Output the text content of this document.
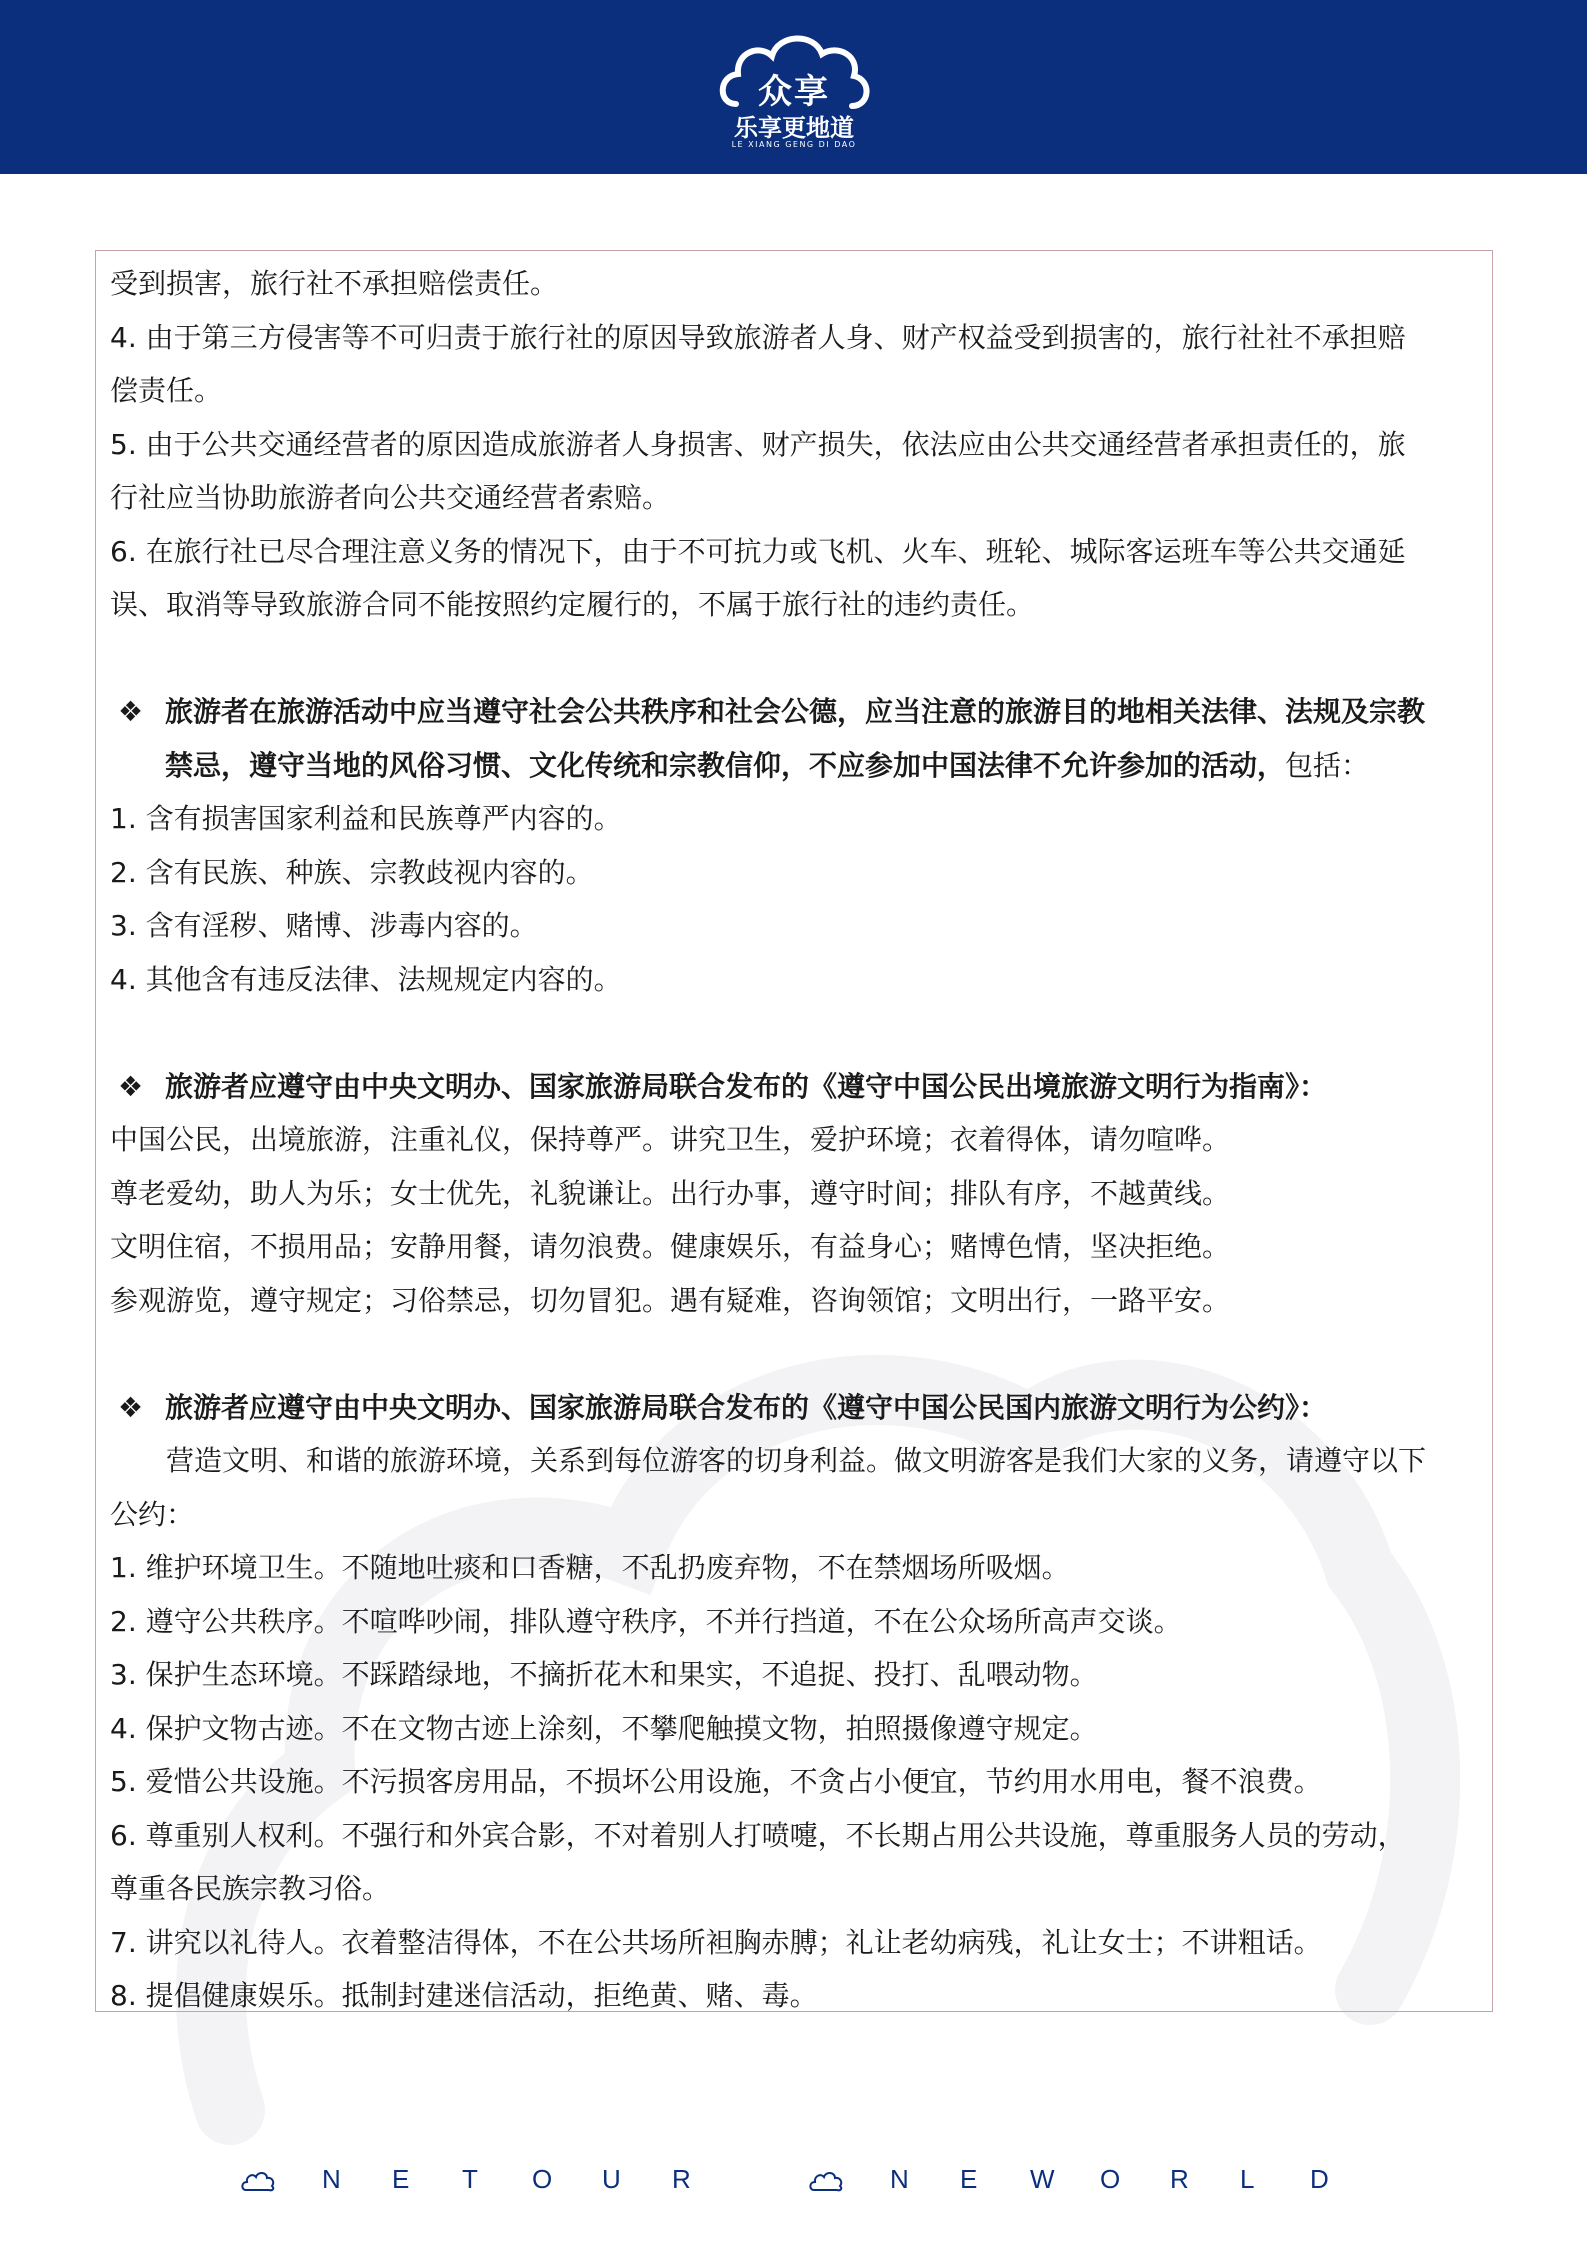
众享
乐享更地道
LE XIANG GENG DI DAO
受到损害，旅行社不承担赔偿责任。
4. 由于第三方侵害等不可归责于旅行社的原因导致旅游者人身、财产权益受到损害的，旅行社社不承担赔
偿责任。
5. 由于公共交通经营者的原因造成旅游者人身损害、财产损失，依法应由公共交通经营者承担责任的，旅
行社应当协助旅游者向公共交通经营者索赔。
6. 在旅行社已尽合理注意义务的情况下，由于不可抗力或飞机、火车、班轮、城际客运班车等公共交通延
误、取消等导致旅游合同不能按照约定履行的，不属于旅行社的违约责任。
❖ 旅游者在旅游活动中应当遵守社会公共秩序和社会公德，应当注意的旅游目的地相关法律、法规及宗教
禁忌，遵守当地的风俗习惯、文化传统和宗教信仰，不应参加中国法律不允许参加的活动，包括：
1. 含有损害国家利益和民族尊严内容的。
2. 含有民族、种族、宗教歧视内容的。
3. 含有淫秽、赌博、涉毒内容的。
4. 其他含有违反法律、法规规定内容的。
❖ 旅游者应遵守由中央文明办、国家旅游局联合发布的《遵守中国公民出境旅游文明行为指南》：
中国公民，出境旅游，注重礼仪，保持尊严。讲究卫生，爱护环境；衣着得体，请勿喧哗。
尊老爱幼，助人为乐；女士优先，礼貌谦让。出行办事，遵守时间；排队有序，不越黄线。
文明住宿，不损用品；安静用餐，请勿浪费。健康娱乐，有益身心；赌博色情，坚决拒绝。
参观游览，遵守规定；习俗禁忌，切勿冒犯。遇有疑难，咨询领馆；文明出行，一路平安。
❖ 旅游者应遵守由中央文明办、国家旅游局联合发布的《遵守中国公民国内旅游文明行为公约》：
营造文明、和谐的旅游环境，关系到每位游客的切身利益。做文明游客是我们大家的义务，请遵守以下
公约：
1. 维护环境卫生。不随地吐痰和口香糖，不乱扔废弃物，不在禁烟场所吸烟。
2. 遵守公共秩序。不喧哗吵闹，排队遵守秩序，不并行挡道，不在公众场所高声交谈。
3. 保护生态环境。不踩踏绿地，不摘折花木和果实，不追捉、投打、乱喂动物。
4. 保护文物古迹。不在文物古迹上涂刻，不攀爬触摸文物，拍照摄像遵守规定。
5. 爱惜公共设施。不污损客房用品，不损坏公用设施，不贪占小便宜，节约用水用电，餐不浪费。
6. 尊重别人权利。不强行和外宾合影，不对着别人打喷嚏，不长期占用公共设施，尊重服务人员的劳动，
尊重各民族宗教习俗。
7. 讲究以礼待人。衣着整洁得体，不在公共场所袒胸赤膊；礼让老幼病残，礼让女士；不讲粗话。
8. 提倡健康娱乐。抵制封建迷信活动，拒绝黄、赌、毒。
N E T O U R	N E W O R L D
